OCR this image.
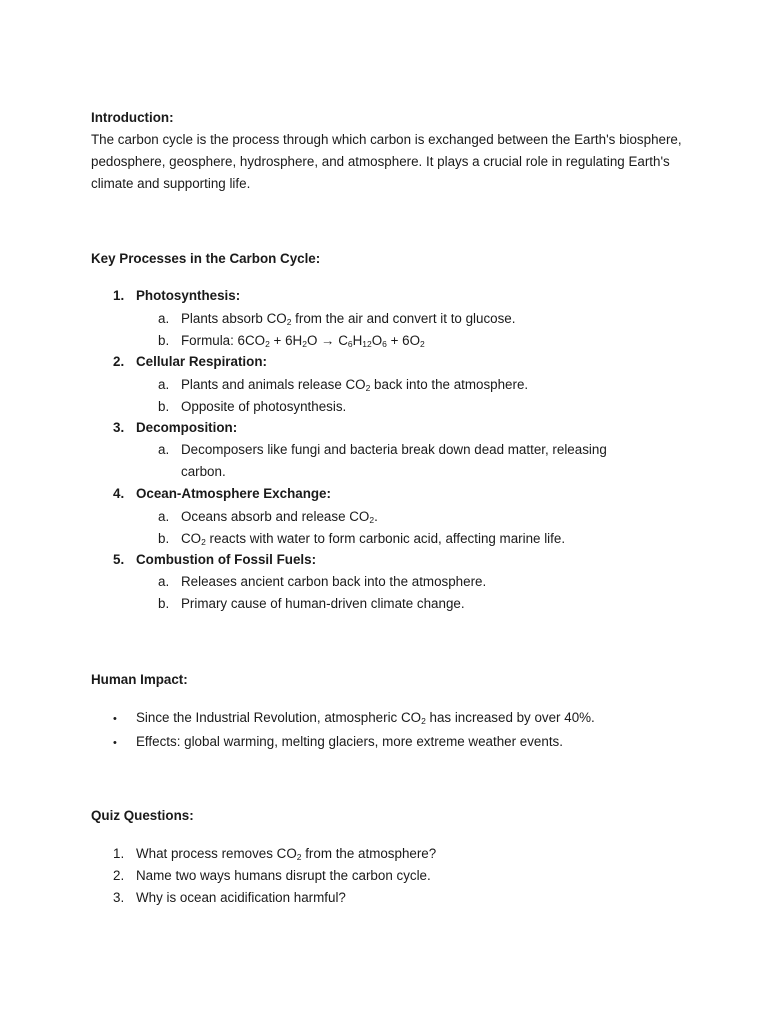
Introduction:

The carbon cycle is the process through which carbon is exchanged between the Earth's biosphere, pedosphere, geosphere, hydrosphere, and atmosphere. It plays a crucial role in regulating Earth's climate and supporting life.

Key Processes in the Carbon Cycle:

1. Photosynthesis:

a. Plants absorb $CO_2$ from the air and convert it to glucose.

b. Formula: $6CO_2 + 6H_2O \to C_6H_{12}O_6 + 6O_2$

2. Cellular Respiration:

a. Plants and animals release $CO_2$ back into the atmosphere.

b. Opposite of photosynthesis.

3. Decomposition:

a. Decomposers like fungi and bacteria break down dead matter, releasing carbon.

4. Ocean-Atmosphere Exchange:

a. Oceans absorb and release $CO_2$.

b. $CO_2$ reacts with water to form carbonic acid, affecting marine life.

5. Combustion of Fossil Fuels:

a. Releases ancient carbon back into the atmosphere.

b. Primary cause of human-driven climate change.

Human Impact:

• Since the Industrial Revolution, atmospheric $CO_2$ has increased by over 40%.

• Effects: global warming, melting glaciers, more extreme weather events.

Quiz Questions:

1. What process removes $CO_2$ from the atmosphere?

2. Name two ways humans disrupt the carbon cycle.

3. Why is ocean acidification harmful?
